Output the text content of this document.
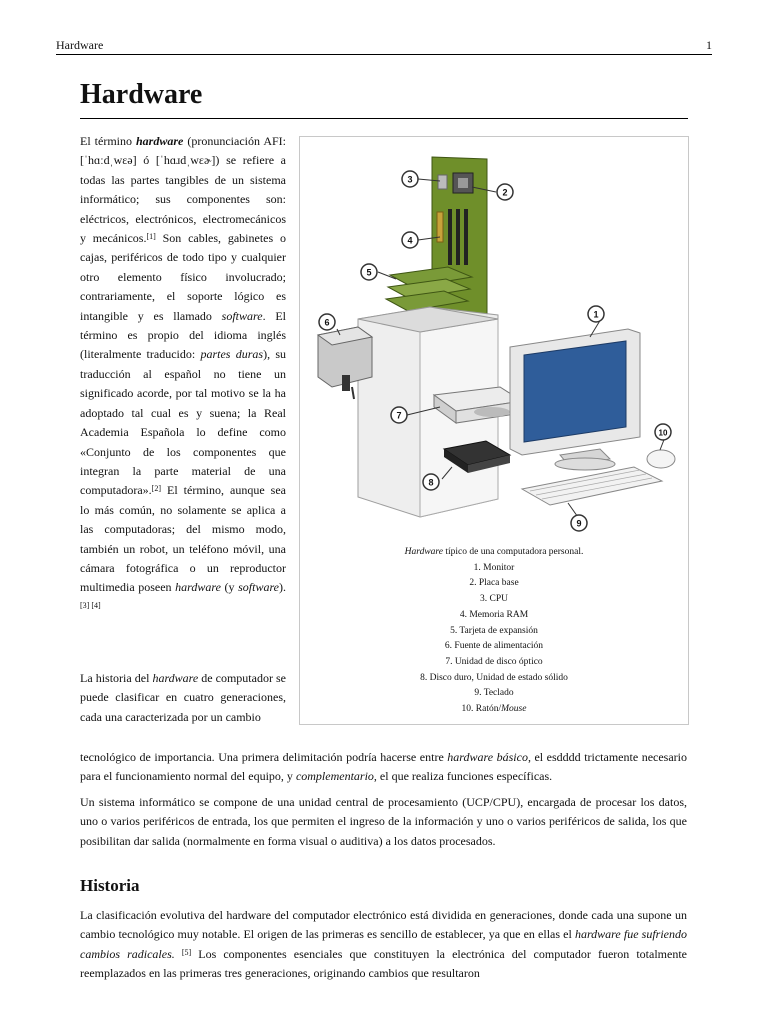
Hardware	1
Hardware

El término hardware (pronunciación AFI: [ˈhɑːdˌwɛə] ó [ˈhɑɹdˌwɛɚ]) se refiere a todas las partes tangibles de un sistema informático; sus componentes son: eléctricos, electrónicos, electromecánicos y mecánicos.[1] Son cables, gabinetes o cajas, periféricos de todo tipo y cualquier otro elemento físico involucrado; contrariamente, el soporte lógico es intangible y es llamado software. El término es propio del idioma inglés (literalmente traducido: partes duras), su traducción al español no tiene un significado acorde, por tal motivo se la ha adoptado tal cual es y suena; la Real Academia Española lo define como «Conjunto de los componentes que integran la parte material de una computadora».[2] El término, aunque sea lo más común, no solamente se aplica a las computadoras; del mismo modo, también un robot, un teléfono móvil, una cámara fotográfica o un reproductor multimedia poseen hardware (y software).[3] [4]

La historia del hardware de computador se puede clasificar en cuatro generaciones, cada una caracterizada por un cambio

tecnológico de importancia. Una primera delimitación podría hacerse entre hardware básico, el esdddd trictamente necesario para el funcionamiento normal del equipo, y complementario, el que realiza funciones específicas.

Un sistema informático se compone de una unidad central de procesamiento (UCP/CPU), encargada de procesar los datos, uno o varios periféricos de entrada, los que permiten el ingreso de la información y uno o varios periféricos de salida, los que posibilitan dar salida (normalmente en forma visual o auditiva) a los datos procesados.

Historia

La clasificación evolutiva del hardware del computador electrónico está dividida en generaciones, donde cada una supone un cambio tecnológico muy notable. El origen de las primeras es sencillo de establecer, ya que en ellas el hardware fue sufriendo cambios radicales. [5] Los componentes esenciales que constituyen la electrónica del computador fueron totalmente reemplazados en las primeras tres generaciones, originando cambios que resultaron

1
2
3
4
5
6
7
8
9
10
Hardware típico de una computadora personal.
1. Monitor
2. Placa base
3. CPU
4. Memoria RAM
5. Tarjeta de expansión
6. Fuente de alimentación
7. Unidad de disco óptico
8. Disco duro, Unidad de estado sólido
9. Teclado
10. Ratón/Mouse
